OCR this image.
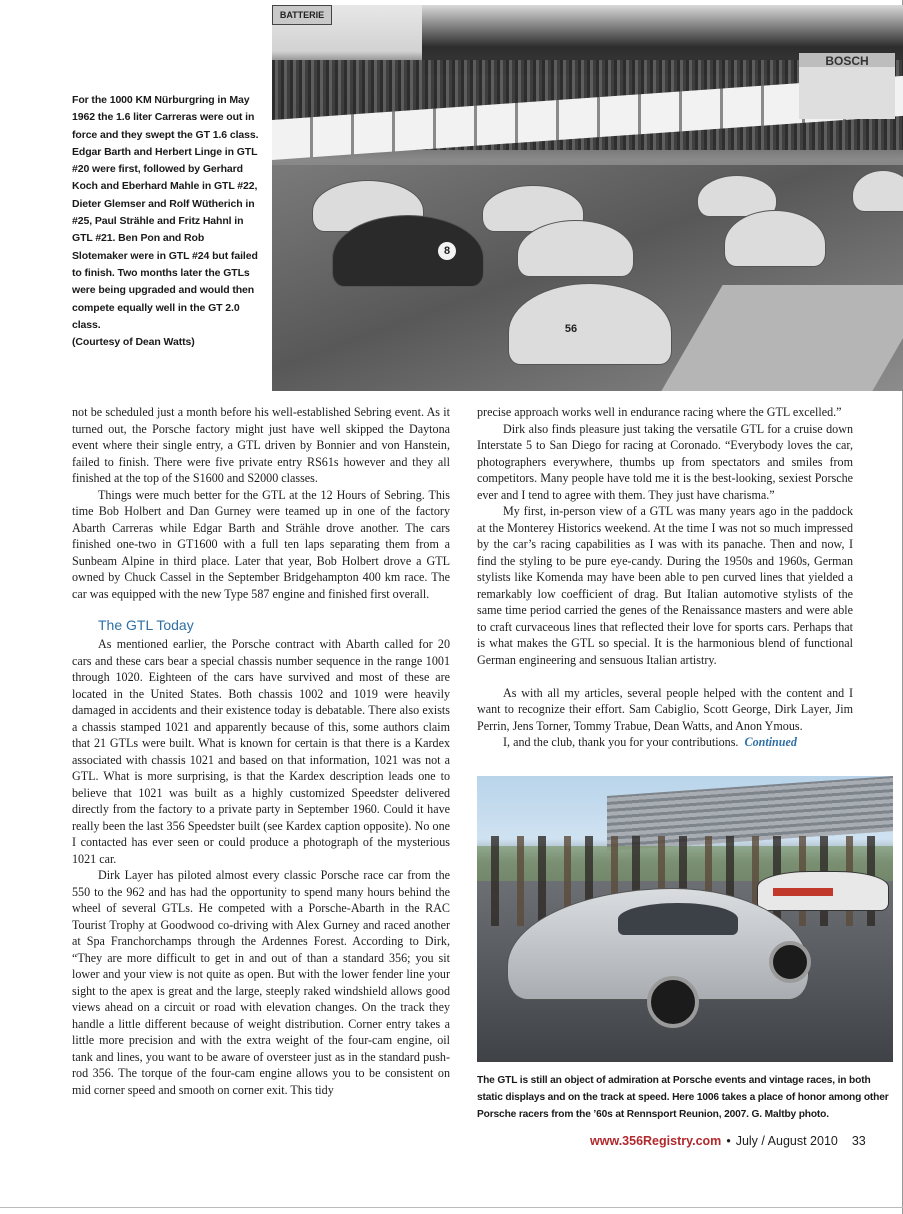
For the 1000 KM Nürburgring in May 1962 the 1.6 liter Carreras were out in force and they swept the GT 1.6 class. Edgar Barth and Herbert Linge in GTL #20 were first, followed by Gerhard Koch and Eberhard Mahle in GTL #22, Dieter Glemser and Rolf Wütherich in #25, Paul Strähle and Fritz Hahnl in GTL #21. Ben Pon and Rob Slotemaker were in GTL #24 but failed to finish. Two months later the GTLs were being upgraded and would then compete equally well in the GT 2.0 class.

(Courtesy of Dean Watts)

BATTERIE
BOSCH
8
56

not be scheduled just a month before his well-established Sebring event. As it turned out, the Porsche factory might just have well skipped the Daytona event where their single entry, a GTL driven by Bonnier and von Hanstein, failed to finish. There were five private entry RS61s however and they all finished at the top of the S1600 and S2000 classes.

Things were much better for the GTL at the 12 Hours of Sebring. This time Bob Holbert and Dan Gurney were teamed up in one of the factory Abarth Carreras while Edgar Barth and Strähle drove another. The cars finished one-two in GT1600 with a full ten laps separating them from a Sunbeam Alpine in third place. Later that year, Bob Holbert drove a GTL owned by Chuck Cassel in the September Bridgehampton 400 km race. The car was equipped with the new Type 587 engine and finished first overall.

The GTL Today

As mentioned earlier, the Porsche contract with Abarth called for 20 cars and these cars bear a special chassis number sequence in the range 1001 through 1020. Eighteen of the cars have survived and most of these are located in the United States. Both chassis 1002 and 1019 were heavily damaged in accidents and their existence today is debatable. There also exists a chassis stamped 1021 and apparently because of this, some authors claim that 21 GTLs were built. What is known for certain is that there is a Kardex associated with chassis 1021 and based on that information, 1021 was not a GTL. What is more surprising, is that the Kardex description leads one to believe that 1021 was built as a highly customized Speedster delivered directly from the factory to a private party in September 1960. Could it have really been the last 356 Speedster built (see Kardex caption opposite). No one I contacted has ever seen or could produce a photograph of the mysterious 1021 car.

Dirk Layer has piloted almost every classic Porsche race car from the 550 to the 962 and has had the opportunity to spend many hours behind the wheel of several GTLs. He competed with a Porsche-Abarth in the RAC Tourist Trophy at Goodwood co-driving with Alex Gurney and raced another at Spa Franchorchamps through the Ardennes Forest. According to Dirk, “They are more difficult to get in and out of than a standard 356; you sit lower and your view is not quite as open. But with the lower fender line your sight to the apex is great and the large, steeply raked windshield allows good views ahead on a circuit or road with elevation changes. On the track they handle a little different because of weight distribution. Corner entry takes a little more precision and with the extra weight of the four-cam engine, oil tank and lines, you want to be aware of oversteer just as in the standard push-rod 356. The torque of the four-cam engine allows you to be consistent on mid corner speed and smooth on corner exit. This tidy

precise approach works well in endurance racing where the GTL excelled.”

Dirk also finds pleasure just taking the versatile GTL for a cruise down Interstate 5 to San Diego for racing at Coronado. “Everybody loves the car, photographers everywhere, thumbs up from spectators and smiles from competitors. Many people have told me it is the best-looking, sexiest Porsche ever and I tend to agree with them. They just have charisma.”

My first, in-person view of a GTL was many years ago in the paddock at the Monterey Historics weekend. At the time I was not so much impressed by the car’s racing capabilities as I was with its panache. Then and now, I find the styling to be pure eye-candy. During the 1950s and 1960s, German stylists like Komenda may have been able to pen curved lines that yielded a remarkably low coefficient of drag. But Italian automotive stylists of the same time period carried the genes of the Renaissance masters and were able to craft curvaceous lines that reflected their love for sports cars. Perhaps that is what makes the GTL so special. It is the harmonious blend of functional German engineering and sensuous Italian artistry.

As with all my articles, several people helped with the content and I want to recognize their effort. Sam Cabiglio, Scott George, Dirk Layer, Jim Perrin, Jens Torner, Tommy Trabue, Dean Watts, and Anon Ymous.

I, and the club, thank you for your contributions. Continued

The GTL is still an object of admiration at Porsche events and vintage races, in both static displays and on the track at speed. Here 1006 takes a place of honor among other Porsche racers from the ’60s at Rennsport Reunion, 2007. G. Maltby photo.

www.356Registry.com • July / August 2010 33
